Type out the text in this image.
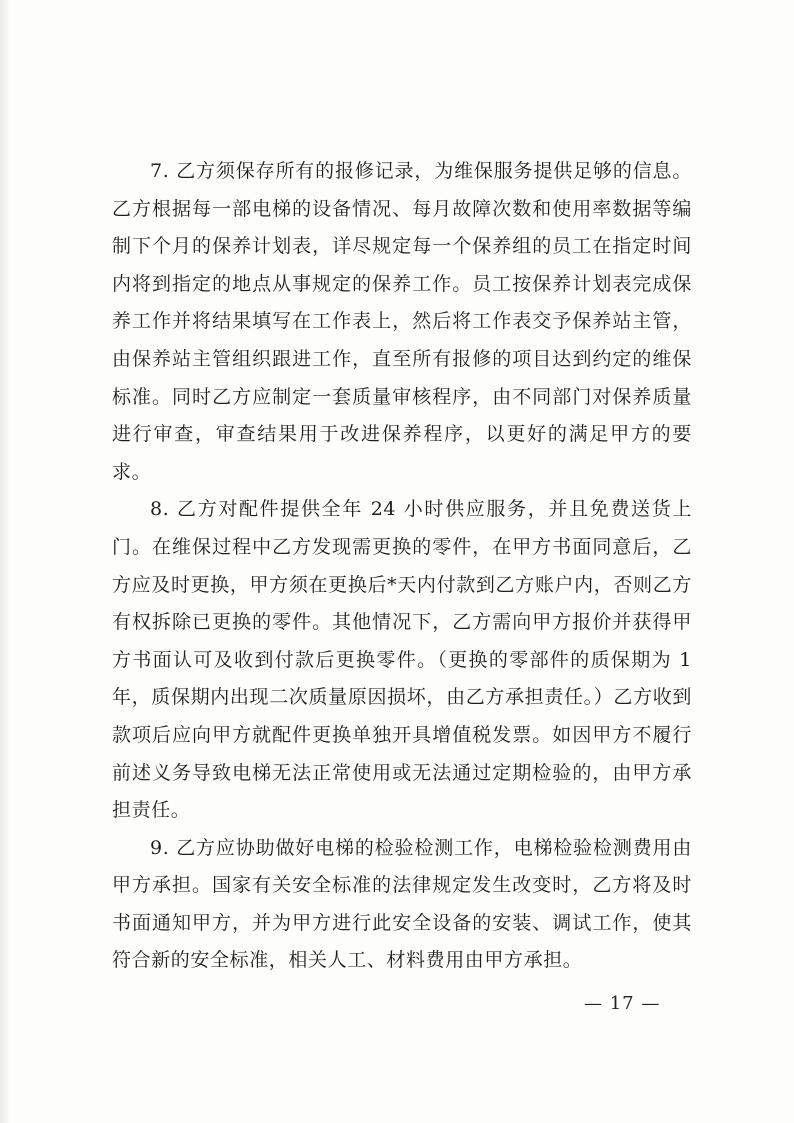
7. 乙方须保存所有的报修记录，为维保服务提供足够的信息。乙方根据每一部电梯的设备情况、每月故障次数和使用率数据等编制下个月的保养计划表，详尽规定每一个保养组的员工在指定时间内将到指定的地点从事规定的保养工作。员工按保养计划表完成保养工作并将结果填写在工作表上，然后将工作表交予保养站主管，由保养站主管组织跟进工作，直至所有报修的项目达到约定的维保标准。同时乙方应制定一套质量审核程序，由不同部门对保养质量进行审查，审查结果用于改进保养程序，以更好的满足甲方的要求。

8. 乙方对配件提供全年 24 小时供应服务，并且免费送货上门。在维保过程中乙方发现需更换的零件，在甲方书面同意后，乙方应及时更换，甲方须在更换后*天内付款到乙方账户内，否则乙方有权拆除已更换的零件。其他情况下，乙方需向甲方报价并获得甲方书面认可及收到付款后更换零件。（更换的零部件的质保期为 1 年，质保期内出现二次质量原因损坏，由乙方承担责任。）乙方收到款项后应向甲方就配件更换单独开具增值税发票。如因甲方不履行前述义务导致电梯无法正常使用或无法通过定期检验的，由甲方承担责任。

9. 乙方应协助做好电梯的检验检测工作，电梯检验检测费用由甲方承担。国家有关安全标准的法律规定发生改变时，乙方将及时书面通知甲方，并为甲方进行此安全设备的安装、调试工作，使其符合新的安全标准，相关人工、材料费用由甲方承担。

— 17 —
